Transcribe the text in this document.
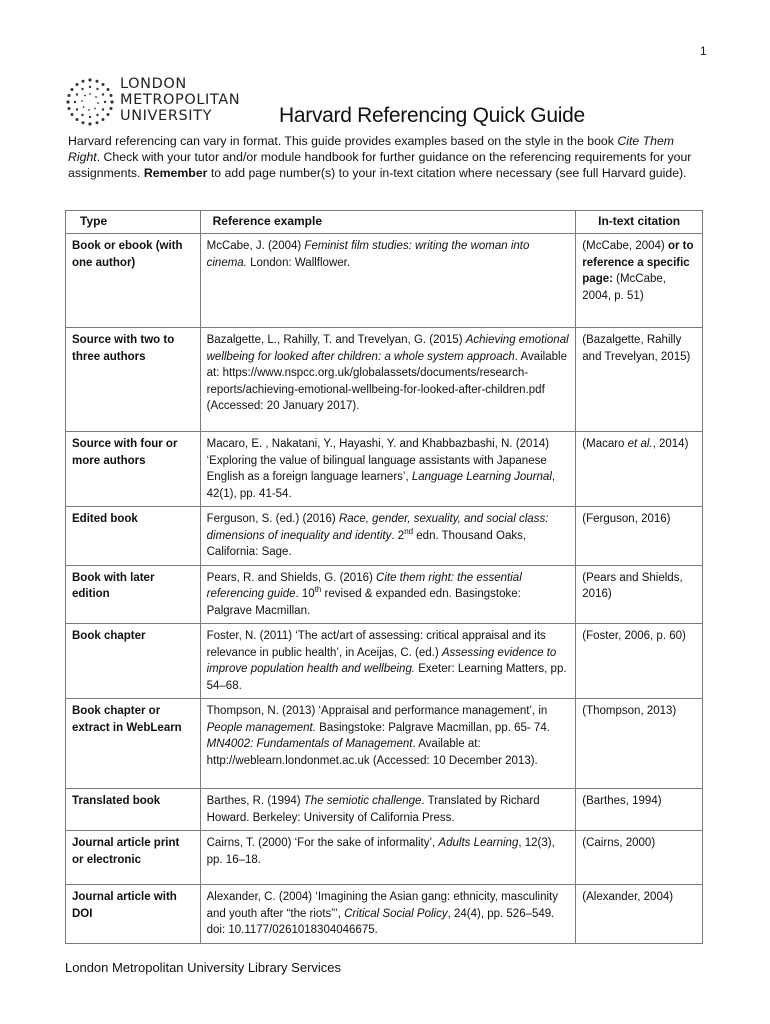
1
LONDON
METROPOLITAN
UNIVERSITY	Harvard Referencing Quick Guide

Harvard referencing can vary in format. This guide provides examples based on the style in the book Cite Them Right. Check with your tutor and/or module handbook for further guidance on the referencing requirements for your assignments. Remember to add page number(s) to your in-text citation where necessary (see full Harvard guide).

Type	Reference example	In-text citation
Book or ebook (with one author)	McCabe, J. (2004) Feminist film studies: writing the woman into cinema. London: Wallflower.	(McCabe, 2004) or to reference a specific page: (McCabe, 2004, p. 51)
Source with two to three authors	Bazalgette, L., Rahilly, T. and Trevelyan, G. (2015) Achieving emotional wellbeing for looked after children: a whole system approach. Available at: https://www.nspcc.org.uk/globalassets/documents/research-reports/achieving-emotional-wellbeing-for-looked-after-children.pdf (Accessed: 20 January 2017).	(Bazalgette, Rahilly and Trevelyan, 2015)
Source with four or more authors	Macaro, E. , Nakatani, Y., Hayashi, Y. and Khabbazbashi, N. (2014) ‘Exploring the value of bilingual language assistants with Japanese English as a foreign language learners’, Language Learning Journal, 42(1), pp. 41-54.	(Macaro et al., 2014)
Edited book	Ferguson, S. (ed.) (2016) Race, gender, sexuality, and social class: dimensions of inequality and identity. 2nd edn. Thousand Oaks, California: Sage.	(Ferguson, 2016)
Book with later edition	Pears, R. and Shields, G. (2016) Cite them right: the essential referencing guide. 10th revised & expanded edn. Basingstoke: Palgrave Macmillan.	(Pears and Shields, 2016)
Book chapter	Foster, N. (2011) ‘The act/art of assessing: critical appraisal and its relevance in public health’, in Aceijas, C. (ed.) Assessing evidence to improve population health and wellbeing. Exeter: Learning Matters, pp. 54–68.	(Foster, 2006, p. 60)
Book chapter or extract in WebLearn	Thompson, N. (2013) ‘Appraisal and performance management’, in People management. Basingstoke: Palgrave Macmillan, pp. 65- 74. MN4002: Fundamentals of Management. Available at: http://weblearn.londonmet.ac.uk (Accessed: 10 December 2013).	(Thompson, 2013)
Translated book	Barthes, R. (1994) The semiotic challenge. Translated by Richard Howard. Berkeley: University of California Press.	(Barthes, 1994)
Journal article print or electronic	Cairns, T. (2000) ‘For the sake of informality’, Adults Learning, 12(3), pp. 16–18.	(Cairns, 2000)
Journal article with DOI	Alexander, C. (2004) ‘Imagining the Asian gang: ethnicity, masculinity and youth after “the riots”’, Critical Social Policy, 24(4), pp. 526–549. doi: 10.1177/0261018304046675.	(Alexander, 2004)
London Metropolitan University Library Services
